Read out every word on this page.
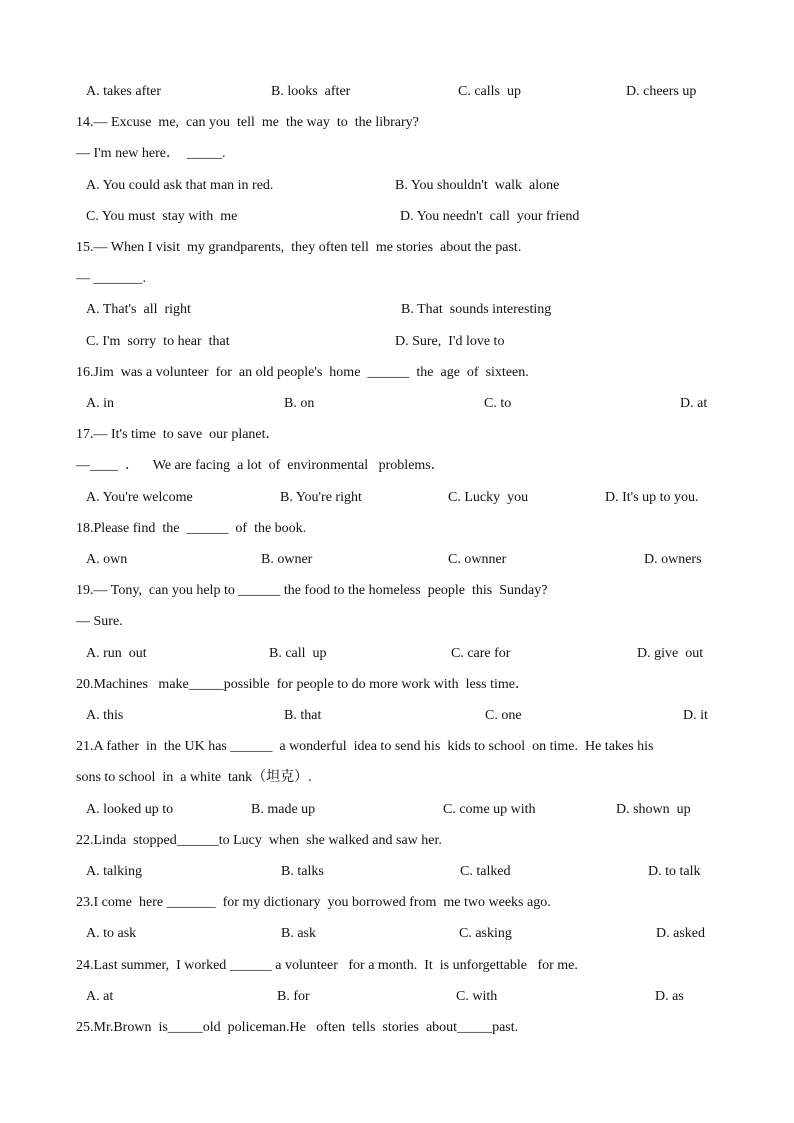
A. takes after	B. looks  after	C. calls  up	D. cheers up
14.— Excuse  me,  can you  tell  me  the way  to  the library?
— I'm new here．  _____.
A. You could ask that man in red.	B. You shouldn't  walk  alone
C. You must  stay with  me	D. You needn't  call  your friend
15.— When I visit  my grandparents,  they often tell  me stories  about the past.
— _______.
A. That's  all  right	B. That  sounds interesting
C. I'm  sorry  to hear  that	D. Sure,  I'd love to
16.Jim  was a volunteer  for  an old people's  home  ______  the  age  of  sixteen.
A. in	B. on	C. to	D. at
17.— It's time  to save  our planet．
—____  ．    We are facing  a lot  of  environmental   problems．
A. You're welcome	B. You're right	C. Lucky  you	D. It's up to you.
18.Please find  the  ______  of  the book.
A. own	B. owner	C. ownner	D. owners
19.— Tony,  can you help to ______ the food to the homeless  people  this  Sunday?
— Sure.
A. run  out	B. call  up	C. care for	D. give  out
20.Machines   make_____possible  for people to do more work with  less time．
A. this	B. that	C. one	D. it
21.A father  in  the UK has ______  a wonderful  idea to send his  kids to school  on time.  He takes his
sons to school  in  a white  tank（坦克）.
A. looked up to	B. made up	C. come up with	D. shown  up
22.Linda  stopped______to Lucy  when  she walked and saw her.
A. talking	B. talks	C. talked	D. to talk
23.I come  here _______  for my dictionary  you borrowed from  me two weeks ago.
A. to ask	B. ask	C. asking	D. asked
24.Last summer,  I worked ______ a volunteer   for a month.  It  is unforgettable   for me.
A. at	B. for	C. with	D. as
25.Mr.Brown  is_____old  policeman.He   often  tells  stories  about_____past.
